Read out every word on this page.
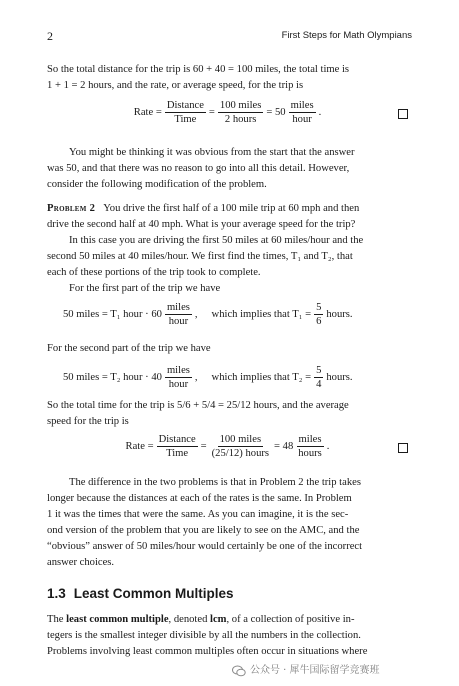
2	First Steps for Math Olympians

So the total distance for the trip is 60 + 40 = 100 miles, the total time is

1 + 1 = 2 hours, and the rate, or average speed, for the trip is

Rate = $\frac{\text{Distance}}{\text{Time}} = \frac{\text{100 miles}}{\text{2 hours}} = 50 \frac{\text{miles}}{\text{hour}}$ .

You might be thinking it was obvious from the start that the answer

was 50, and that there was no reason to go into all this detail. However,

consider the following modification of the problem.

Problem 2 You drive the first half of a 100 mile trip at 60 mph and then

drive the second half at 40 mph. What is your average speed for the trip?

In this case you are driving the first 50 miles at 60 miles/hour and the

second 50 miles at 40 miles/hour. We first find the times, T₁ and T₂, that

each of these portions of the trip took to complete.

For the first part of the trip we have

50 miles = T₁ hour · $60 \frac{\text{miles}}{\text{hour}}$ , which implies that $T_1 = \frac{5}{6}$ hours.

For the second part of the trip we have

50 miles = T₂ hour · $40 \frac{\text{miles}}{\text{hour}}$ , which implies that $T_2 = \frac{5}{4}$ hours.

So the total time for the trip is 5/6 + 5/4 = 25/12 hours, and the average

speed for the trip is

Rate = $\frac{\text{Distance}}{\text{Time}} = \frac{\text{100 miles}}{\text{(25/12) hours}} = 48 \frac{\text{miles}}{\text{hours}}$ .

The difference in the two problems is that in Problem 2 the trip takes

longer because the distances at each of the rates is the same. In Problem

1 it was the times that were the same. As you can imagine, it is the sec-

ond version of the problem that you are likely to see on the AMC, and the

“obvious” answer of 50 miles/hour would certainly be one of the incorrect

answer choices.

1.3 Least Common Multiples

The least common multiple, denoted lcm, of a collection of positive in-

tegers is the smallest integer divisible by all the numbers in the collection.

Problems involving least common multiples often occur in situations where

公众号 · 犀牛国际留学竞赛班
